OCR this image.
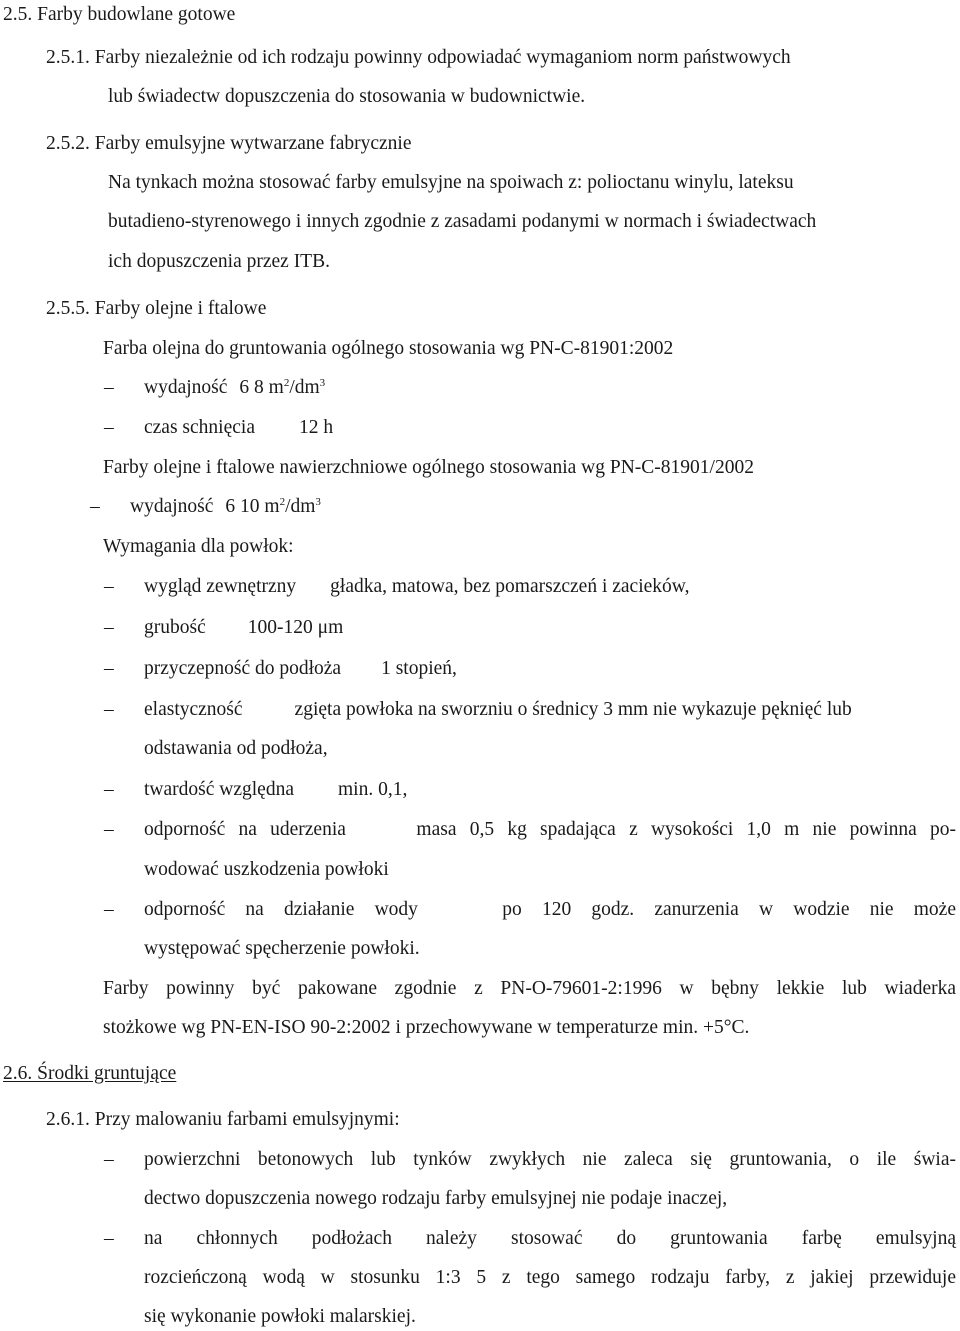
2.5. Farby budowlane gotowe

2.5.1. Farby niezależnie od ich rodzaju powinny odpowiadać wymaganiom norm państwowych

lub świadectw dopuszczenia do stosowania w budownictwie.

2.5.2. Farby emulsyjne wytwarzane fabrycznie

Na tynkach można stosować farby emulsyjne na spoiwach z: polioctanu winylu, lateksu

butadieno-styrenowego i innych zgodnie z zasadami podanymi w normach i świadectwach

ich dopuszczenia przez ITB.

2.5.5. Farby olejne i ftalowe

Farba olejna do gruntowania ogólnego stosowania wg PN-C-81901:2002

– wydajność 6 8 $m^2/dm^3$

– czas schnięcia 12 h

Farby olejne i ftalowe nawierzchniowe ogólnego stosowania wg PN-C-81901/2002

– wydajność 6 10 $m^2/dm^3$

Wymagania dla powłok:

– wygląd zewnętrzny gładka, matowa, bez pomarszczeń i zacieków,

– grubość 100-120 μm

– przyczepność do podłoża 1 stopień,

– elastyczność	zgięta powłoka na sworzniu o średnicy 3 mm nie wykazuje pęknięć lub

odstawania od podłoża,

– twardość względna min. 0,1,

– odporność na uderzenia	masa 0,5 kg spadająca z wysokości 1,0 m nie powinna po-

wodować uszkodzenia powłoki

– odporność na działanie wody	po 120 godz. zanurzenia w wodzie nie może

występować spęcherzenie powłoki.

Farby powinny być pakowane zgodnie z PN-O-79601-2:1996 w bębny lekkie lub wiaderka

stożkowe wg PN-EN-ISO 90-2:2002 i przechowywane w temperaturze min. +5°C.

2.6. Środki gruntujące

2.6.1. Przy malowaniu farbami emulsyjnymi:

– powierzchni betonowych lub tynków zwykłych nie zaleca się gruntowania, o ile świa-

dectwo dopuszczenia nowego rodzaju farby emulsyjnej nie podaje inaczej,

– na chłonnych podłożach należy stosować do gruntowania farbę emulsyjną

rozcieńczoną wodą w stosunku 1:3 5 z tego samego rodzaju farby, z jakiej przewiduje

się wykonanie powłoki malarskiej.
